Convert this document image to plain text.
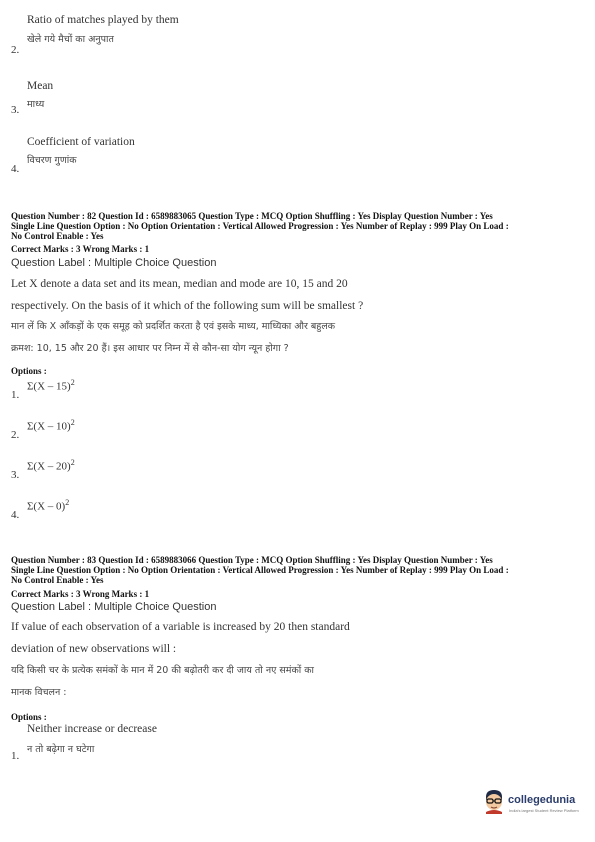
Ratio of matches played by them
खेले गये मैचों का अनुपात
2.
Mean
माध्य
3.
Coefficient of variation
विचरण गुणांक
4.
Question Number : 82 Question Id : 6589883065 Question Type : MCQ Option Shuffling : Yes Display Question Number : Yes
Single Line Question Option : No Option Orientation : Vertical Allowed Progression : Yes Number of Replay : 999 Play On Load :
No Control Enable : Yes
Correct Marks : 3 Wrong Marks : 1
Question Label : Multiple Choice Question
Let X denote a data set and its mean, median and mode are 10, 15 and 20
respectively. On the basis of it which of the following sum will be smallest ?
मान लें कि X आँकड़ों के एक समूह को प्रदर्शित करता है एवं इसके माध्य, माध्यिका और बहुलक
क्रमश: 10, 15 और 20 हैं। इस आधार पर निम्न में से कौन-सा योग न्यून होगा ?
Options :
Σ(X – 15)$^2$
1.
Σ(X – 10)$^2$
2.
Σ(X – 20)$^2$
3.
Σ(X – 0)$^2$
4.
Question Number : 83 Question Id : 6589883066 Question Type : MCQ Option Shuffling : Yes Display Question Number : Yes
Single Line Question Option : No Option Orientation : Vertical Allowed Progression : Yes Number of Replay : 999 Play On Load :
No Control Enable : Yes
Correct Marks : 3 Wrong Marks : 1
Question Label : Multiple Choice Question
If value of each observation of a variable is increased by 20 then standard
deviation of new observations will :
यदि किसी चर के प्रत्येक समंकों के मान में 20 की बढ़ोतरी कर दी जाय तो नए समंकों का
मानक विचलन :
Options :
Neither increase or decrease
न तो बढ़ेगा न घटेगा
1.
collegedunia
India's largest Student Review Platform
